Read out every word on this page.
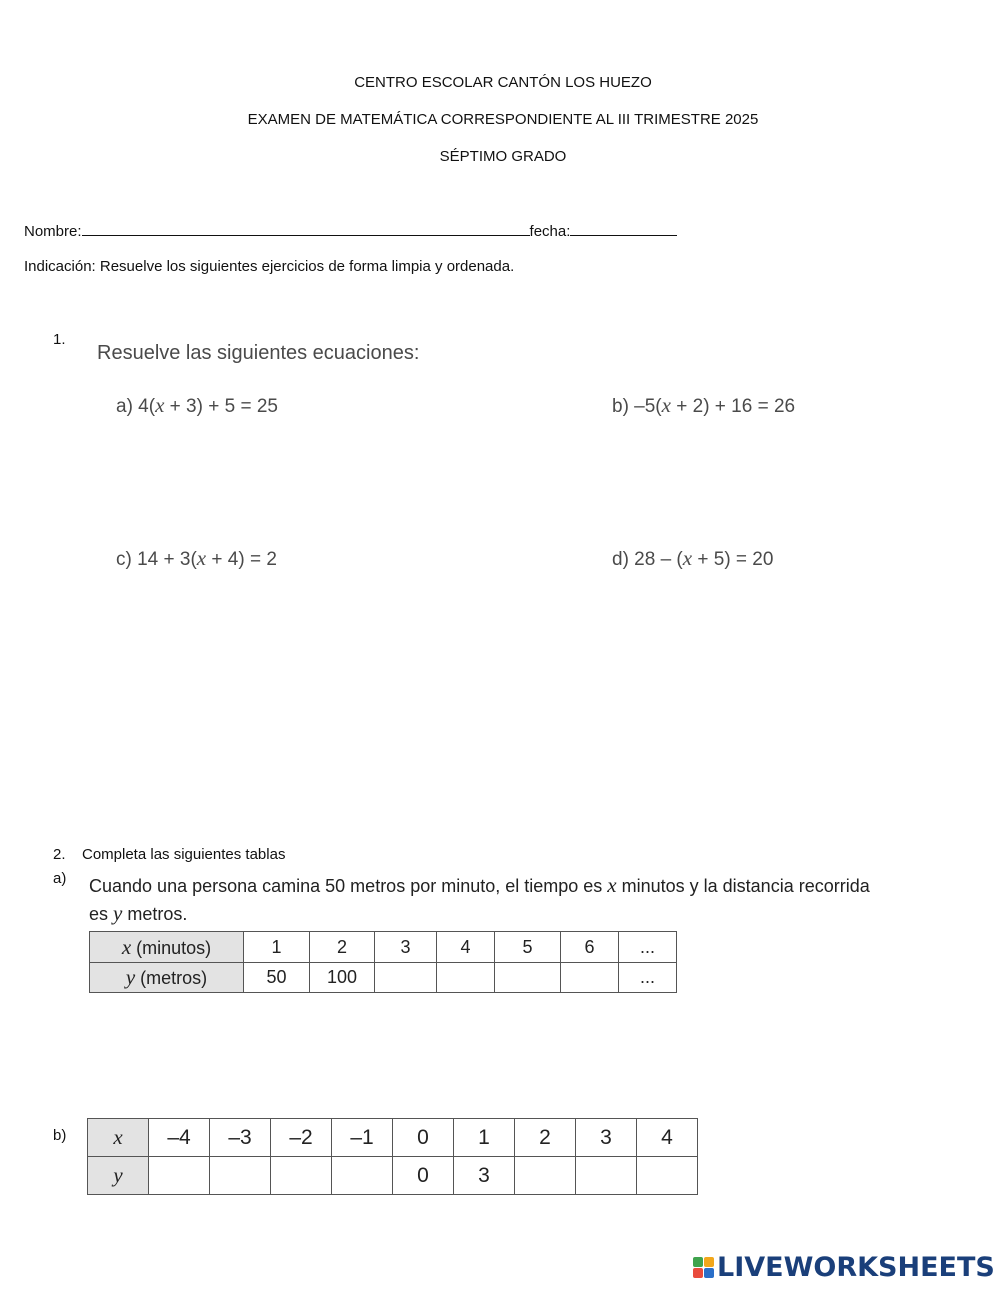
CENTRO ESCOLAR CANTÓN LOS HUEZO
EXAMEN DE MATEMÁTICA CORRESPONDIENTE AL III TRIMESTRE 2025
SÉPTIMO GRADO
Nombre:	fecha:
Indicación: Resuelve los siguientes ejercicios de forma limpia y ordenada.
1.
Resuelve las siguientes ecuaciones:
a) 4(x + 3) + 5 = 25	b) –5(x + 2) + 16 = 26
c) 14 + 3(x + 4) = 2	d) 28 – (x + 5) = 20
2. Completa las siguientes tablas
a) Cuando una persona camina 50 metros por minuto, el tiempo es x minutos y la distancia recorrida
es y metros.
x (minutos)	1	2	3	4	5	6	...
y (metros)	50	100					...
b) x	–4	–3	–2	–1	0	1	2	3	4
y					0	3			
LIVEWORKSHEETS
